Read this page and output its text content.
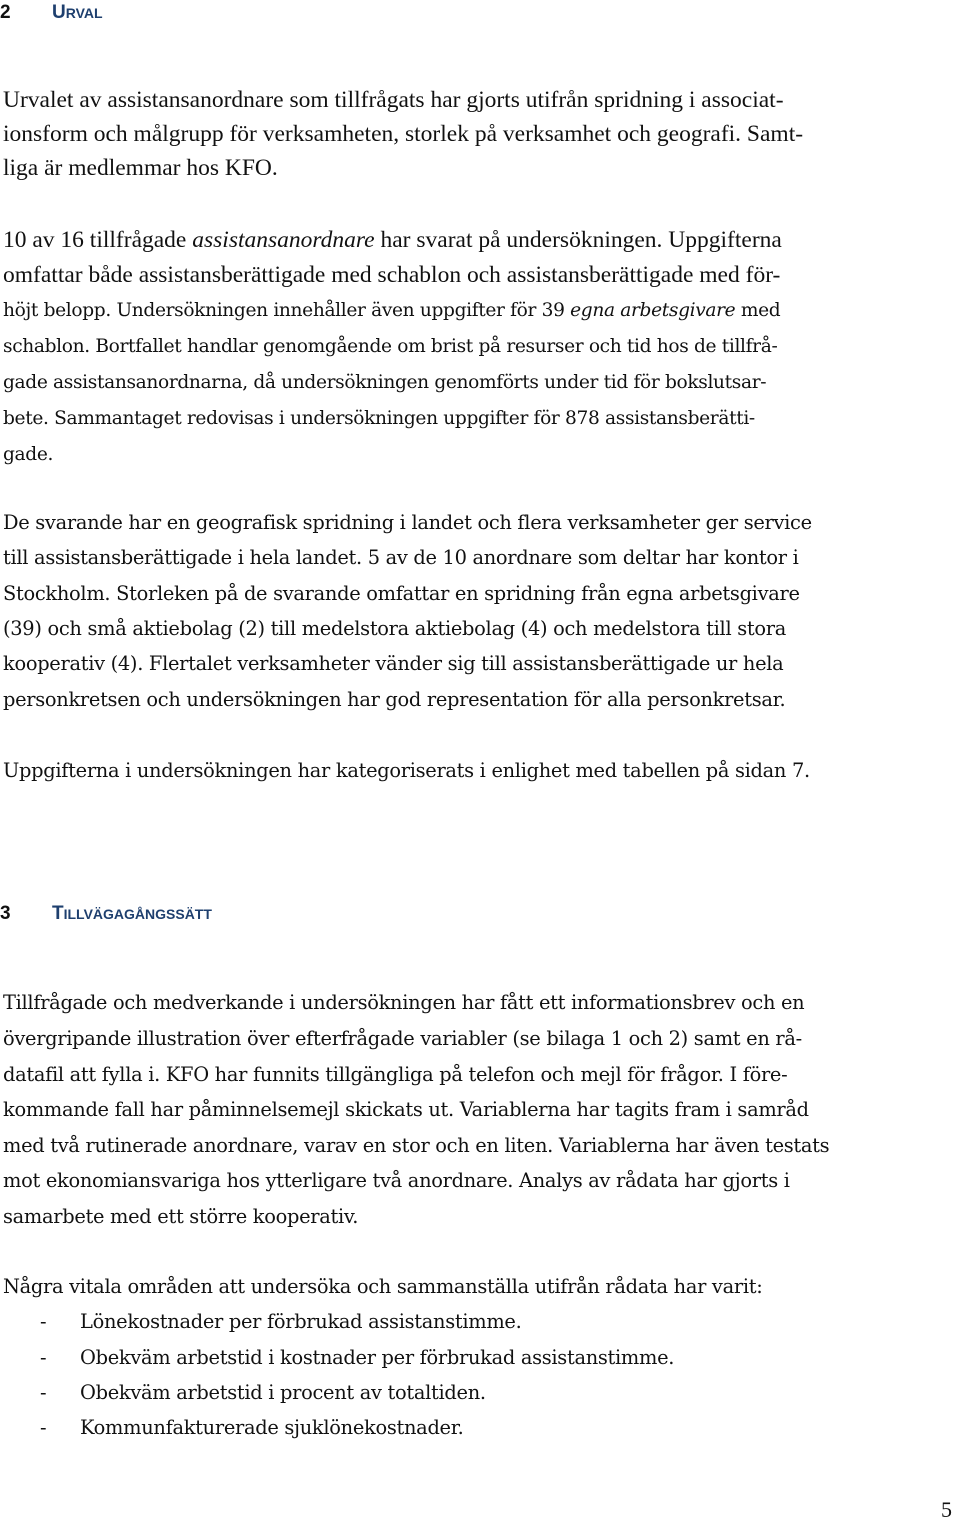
2 URVAL
Urvalet av assistansanordnare som tillfrågats har gjorts utifrån spridning i associat-
ionsform och målgrupp för verksamheten, storlek på verksamhet och geografi. Samt-
liga är medlemmar hos KFO.
10 av 16 tillfrågade assistansanordnare har svarat på undersökningen. Uppgifterna
omfattar både assistansberättigade med schablon och assistansberättigade med för-
höjt belopp. Undersökningen innehåller även uppgifter för 39 egna arbetsgivare med
schablon. Bortfallet handlar genomgående om brist på resurser och tid hos de tillfrå-
gade assistansanordnarna, då undersökningen genomförts under tid för bokslutsar-
bete. Sammantaget redovisas i undersökningen uppgifter för 878 assistansberätti-
gade.
De svarande har en geografisk spridning i landet och flera verksamheter ger service
till assistansberättigade i hela landet. 5 av de 10 anordnare som deltar har kontor i
Stockholm. Storleken på de svarande omfattar en spridning från egna arbetsgivare
(39) och små aktiebolag (2) till medelstora aktiebolag (4) och medelstora till stora
kooperativ (4). Flertalet verksamheter vänder sig till assistansberättigade ur hela
personkretsen och undersökningen har god representation för alla personkretsar.
Uppgifterna i undersökningen har kategoriserats i enlighet med tabellen på sidan 7.
3 TILLVÄGAGÅNGSSÄTT
Tillfrågade och medverkande i undersökningen har fått ett informationsbrev och en
övergripande illustration över efterfrågade variabler (se bilaga 1 och 2) samt en rå-
datafil att fylla i. KFO har funnits tillgängliga på telefon och mejl för frågor. I före-
kommande fall har påminnelsemejl skickats ut. Variablerna har tagits fram i samråd
med två rutinerade anordnare, varav en stor och en liten. Variablerna har även testats
mot ekonomiansvariga hos ytterligare två anordnare. Analys av rådata har gjorts i
samarbete med ett större kooperativ.
Några vitala områden att undersöka och sammanställa utifrån rådata har varit:
- Lönekostnader per förbrukad assistanstimme.
- Obekväm arbetstid i kostnader per förbrukad assistanstimme.
- Obekväm arbetstid i procent av totaltiden.
- Kommunfakturerade sjuklönekostnader.
5
